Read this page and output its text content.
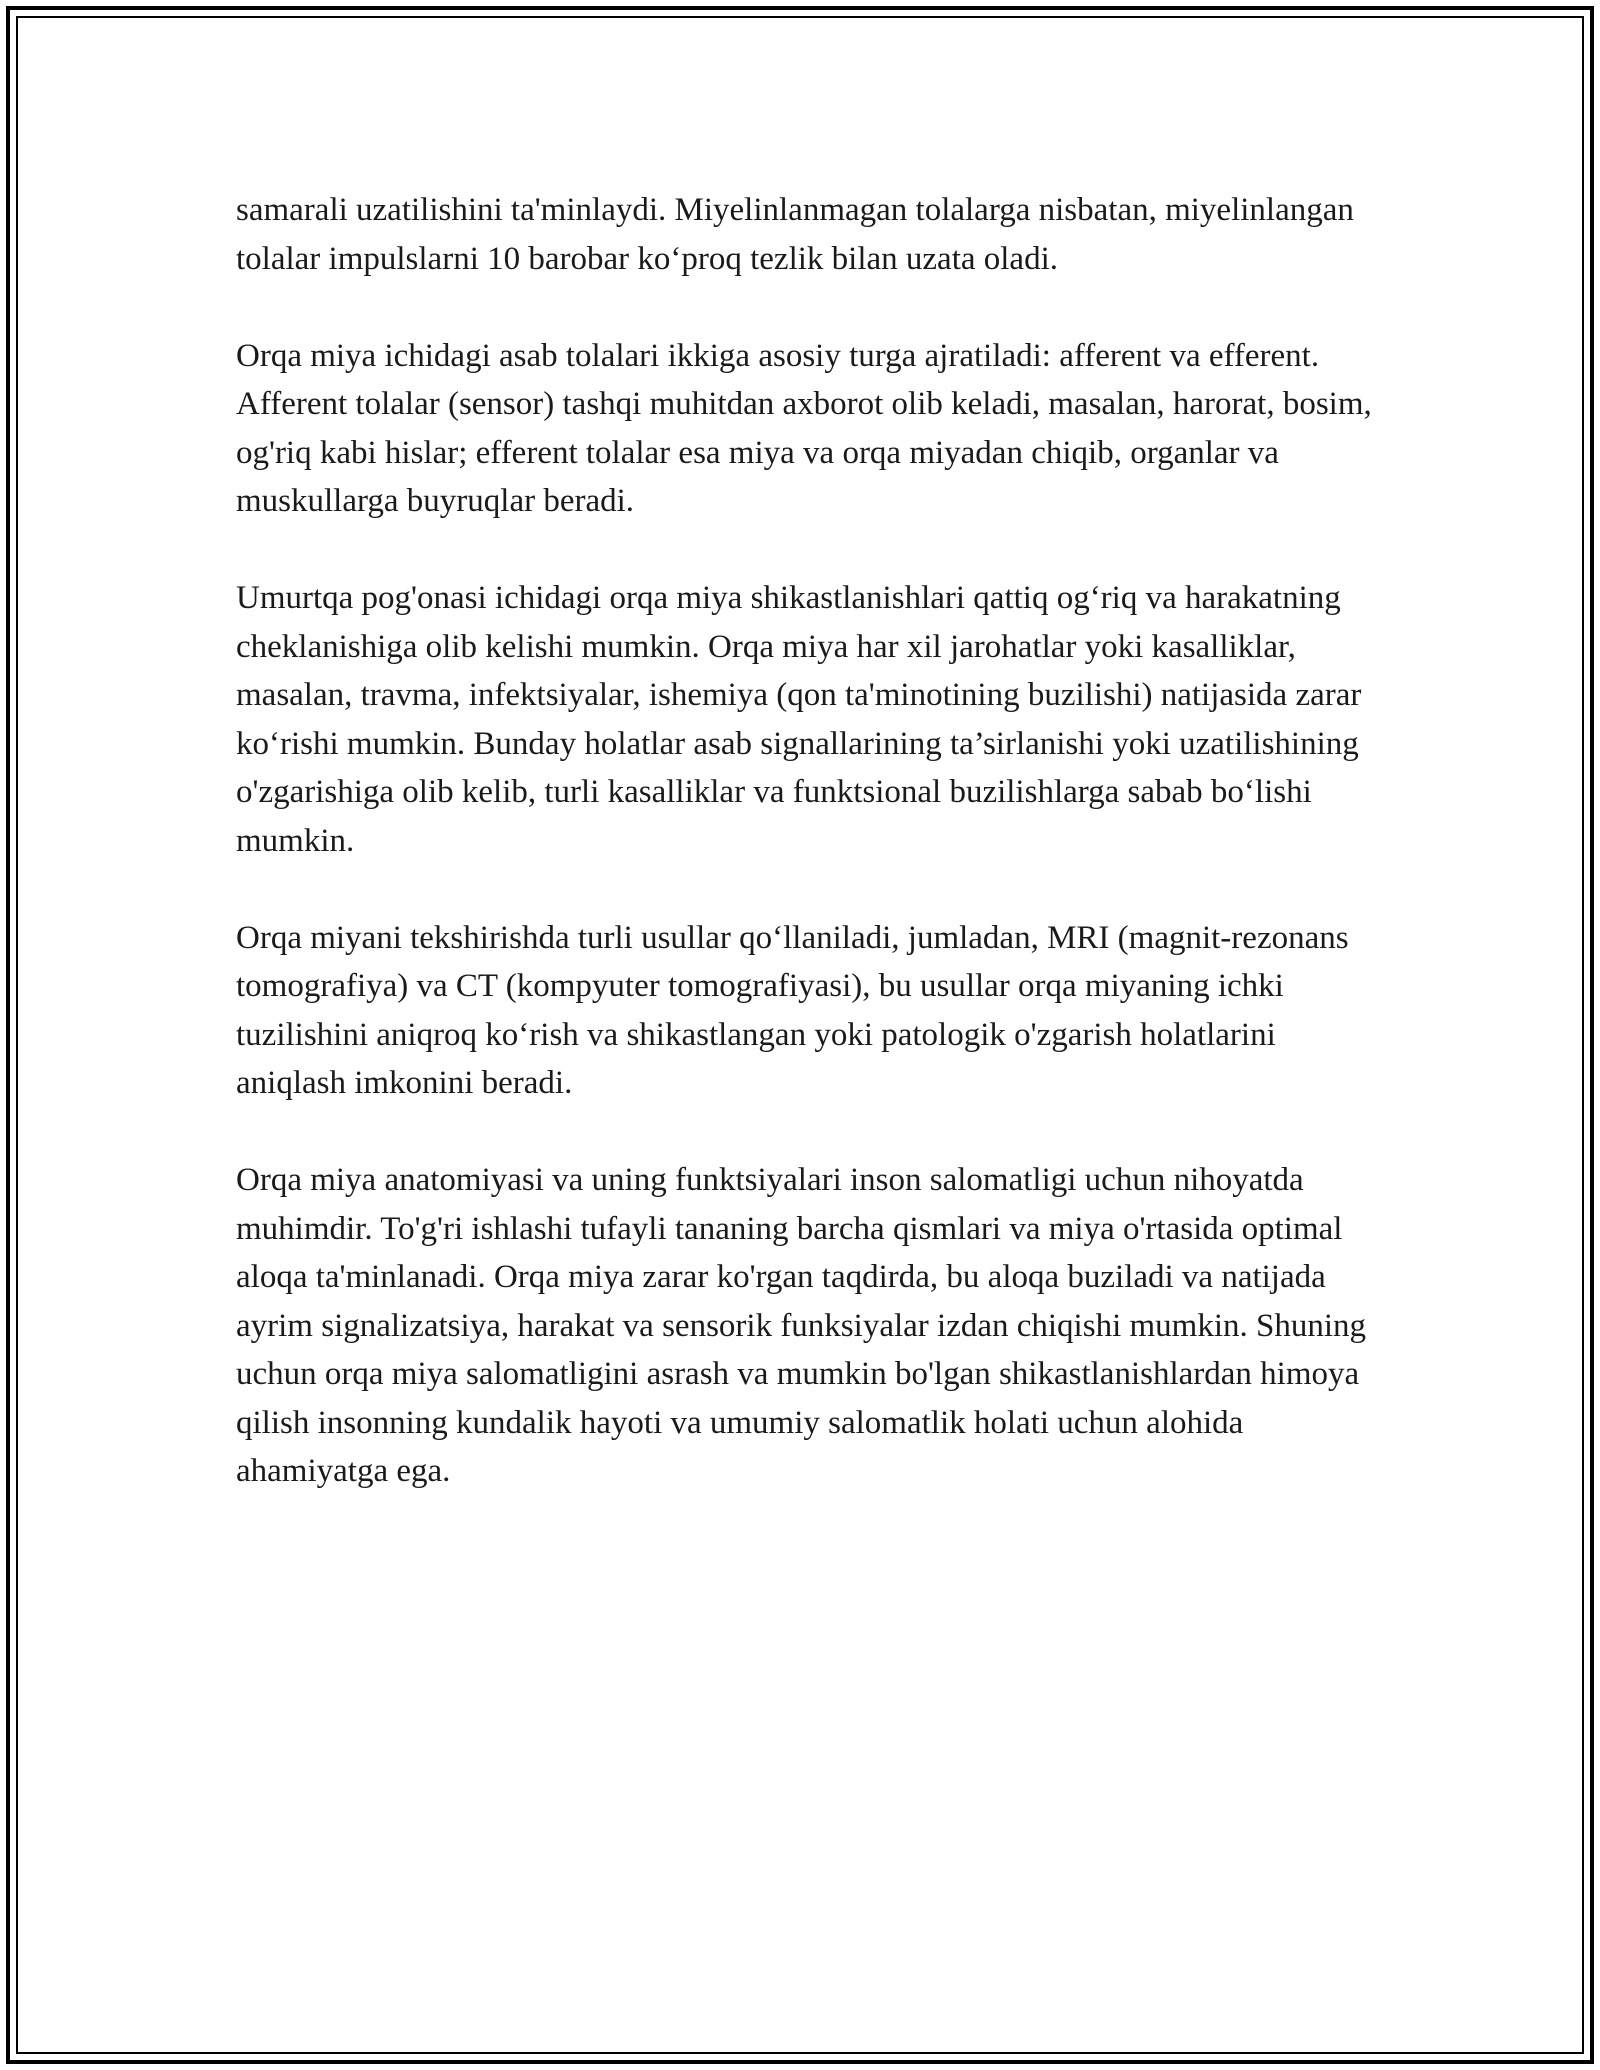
samarali uzatilishini ta'minlaydi. Miyelinlanmagan tolalarga nisbatan, miyelinlangan tolalar impulslarni 10 barobar ko‘proq tezlik bilan uzata oladi.

Orqa miya ichidagi asab tolalari ikkiga asosiy turga ajratiladi: afferent va efferent. Afferent tolalar (sensor) tashqi muhitdan axborot olib keladi, masalan, harorat, bosim, og'riq kabi hislar; efferent tolalar esa miya va orqa miyadan chiqib, organlar va muskullarga buyruqlar beradi.

Umurtqa pog'onasi ichidagi orqa miya shikastlanishlari qattiq og‘riq va harakatning cheklanishiga olib kelishi mumkin. Orqa miya har xil jarohatlar yoki kasalliklar, masalan, travma, infektsiyalar, ishemiya (qon ta'minotining buzilishi) natijasida zarar ko‘rishi mumkin. Bunday holatlar asab signallarining ta’sirlanishi yoki uzatilishining o'zgarishiga olib kelib, turli kasalliklar va funktsional buzilishlarga sabab bo‘lishi mumkin.

Orqa miyani tekshirishda turli usullar qo‘llaniladi, jumladan, MRI (magnit-rezonans tomografiya) va CT (kompyuter tomografiyasi), bu usullar orqa miyaning ichki tuzilishini aniqroq ko‘rish va shikastlangan yoki patologik o'zgarish holatlarini aniqlash imkonini beradi.

Orqa miya anatomiyasi va uning funktsiyalari inson salomatligi uchun nihoyatda muhimdir. To'g'ri ishlashi tufayli tananing barcha qismlari va miya o'rtasida optimal aloqa ta'minlanadi. Orqa miya zarar ko'rgan taqdirda, bu aloqa buziladi va natijada ayrim signalizatsiya, harakat va sensorik funksiyalar izdan chiqishi mumkin. Shuning uchun orqa miya salomatligini asrash va mumkin bo'lgan shikastlanishlardan himoya qilish insonning kundalik hayoti va umumiy salomatlik holati uchun alohida ahamiyatga ega.
